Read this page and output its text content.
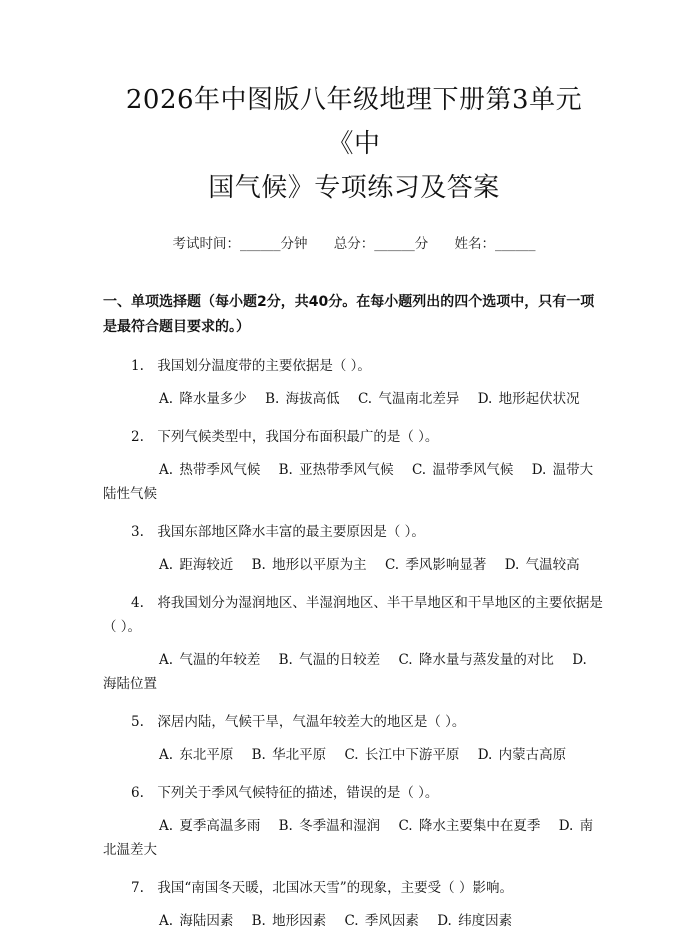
2026年中图版八年级地理下册第3单元《中
国气候》专项练习及答案
考试时间：______分钟 总分：______分 姓名：______
一、单项选择题（每小题2分，共40分。在每小题列出的四个选项中，只有一项是最符合题目要求的。）
1.　我国划分温度带的主要依据是（ ）。
A. 降水量多少 B. 海拔高低 C. 气温南北差异 D. 地形起伏状况
2.　下列气候类型中，我国分布面积最广的是（ ）。
A. 热带季风气候 B. 亚热带季风气候 C. 温带季风气候 D. 温带大陆性气候
3.　我国东部地区降水丰富的最主要原因是（ ）。
A. 距海较近 B. 地形以平原为主 C. 季风影响显著 D. 气温较高
4.　将我国划分为湿润地区、半湿润地区、半干旱地区和干旱地区的主要依据是（ ）。
A. 气温的年较差 B. 气温的日较差 C. 降水量与蒸发量的对比 D. 海陆位置
5.　深居内陆，气候干旱，气温年较差大的地区是（ ）。
A. 东北平原 B. 华北平原 C. 长江中下游平原 D. 内蒙古高原
6.　下列关于季风气候特征的描述，错误的是（ ）。
A. 夏季高温多雨 B. 冬季温和湿润 C. 降水主要集中在夏季 D. 南北温差大
7.　我国“南国冬天暖，北国冰天雪”的现象，主要受（ ）影响。
A. 海陆因素 B. 地形因素 C. 季风因素 D. 纬度因素
